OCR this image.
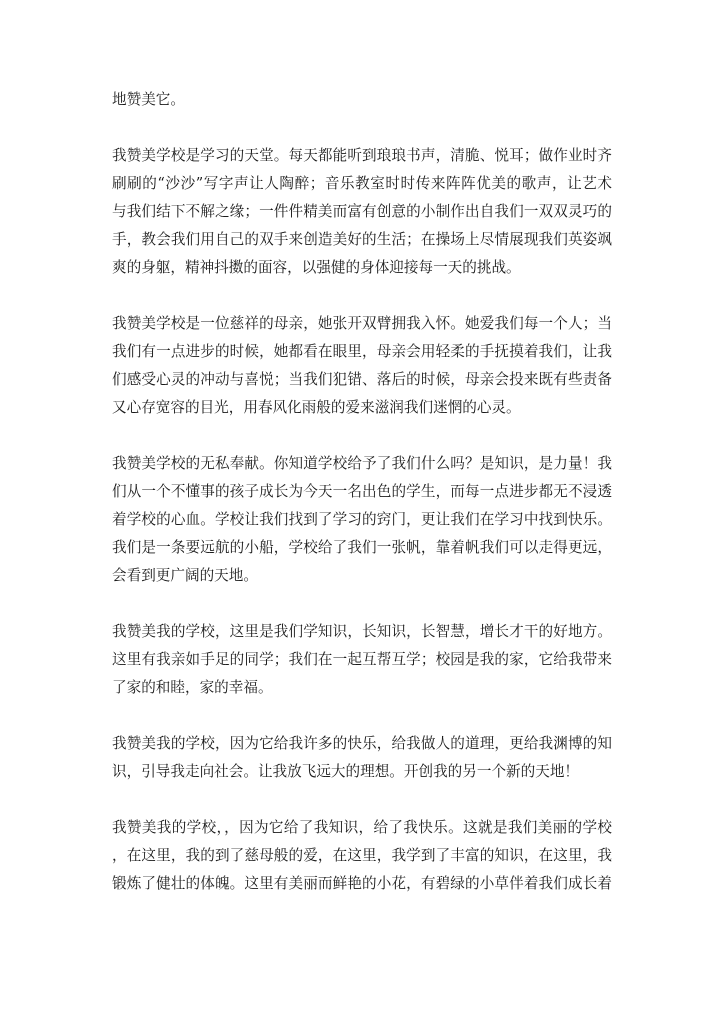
地赞美它。
我赞美学校是学习的天堂。每天都能听到琅琅书声，清脆、悦耳；做作业时齐
刷刷的“沙沙”写字声让人陶醉；音乐教室时时传来阵阵优美的歌声，让艺术
与我们结下不解之缘；一件件精美而富有创意的小制作出自我们一双双灵巧的
手，教会我们用自己的双手来创造美好的生活；在操场上尽情展现我们英姿飒
爽的身躯，精神抖擞的面容，以强健的身体迎接每一天的挑战。
我赞美学校是一位慈祥的母亲，她张开双臂拥我入怀。她爱我们每一个人；当
我们有一点进步的时候，她都看在眼里，母亲会用轻柔的手抚摸着我们，让我
们感受心灵的冲动与喜悦；当我们犯错、落后的时候，母亲会投来既有些责备
又心存宽容的目光，用春风化雨般的爱来滋润我们迷惘的心灵。
我赞美学校的无私奉献。你知道学校给予了我们什么吗？是知识，是力量！我
们从一个不懂事的孩子成长为今天一名出色的学生，而每一点进步都无不浸透
着学校的心血。学校让我们找到了学习的窍门，更让我们在学习中找到快乐。
我们是一条要远航的小船，学校给了我们一张帆，靠着帆我们可以走得更远，
会看到更广阔的天地。
我赞美我的学校，这里是我们学知识，长知识，长智慧，增长才干的好地方。
这里有我亲如手足的同学；我们在一起互帮互学；校园是我的家，它给我带来
了家的和睦，家的幸福。
我赞美我的学校，因为它给我许多的快乐，给我做人的道理，更给我渊博的知
识，引导我走向社会。让我放飞远大的理想。开创我的另一个新的天地！
我赞美我的学校，，因为它给了我知识，给了我快乐。这就是我们美丽的学校
，在这里，我的到了慈母般的爱，在这里，我学到了丰富的知识，在这里，我
锻炼了健壮的体魄。这里有美丽而鲜艳的小花，有碧绿的小草伴着我们成长着
